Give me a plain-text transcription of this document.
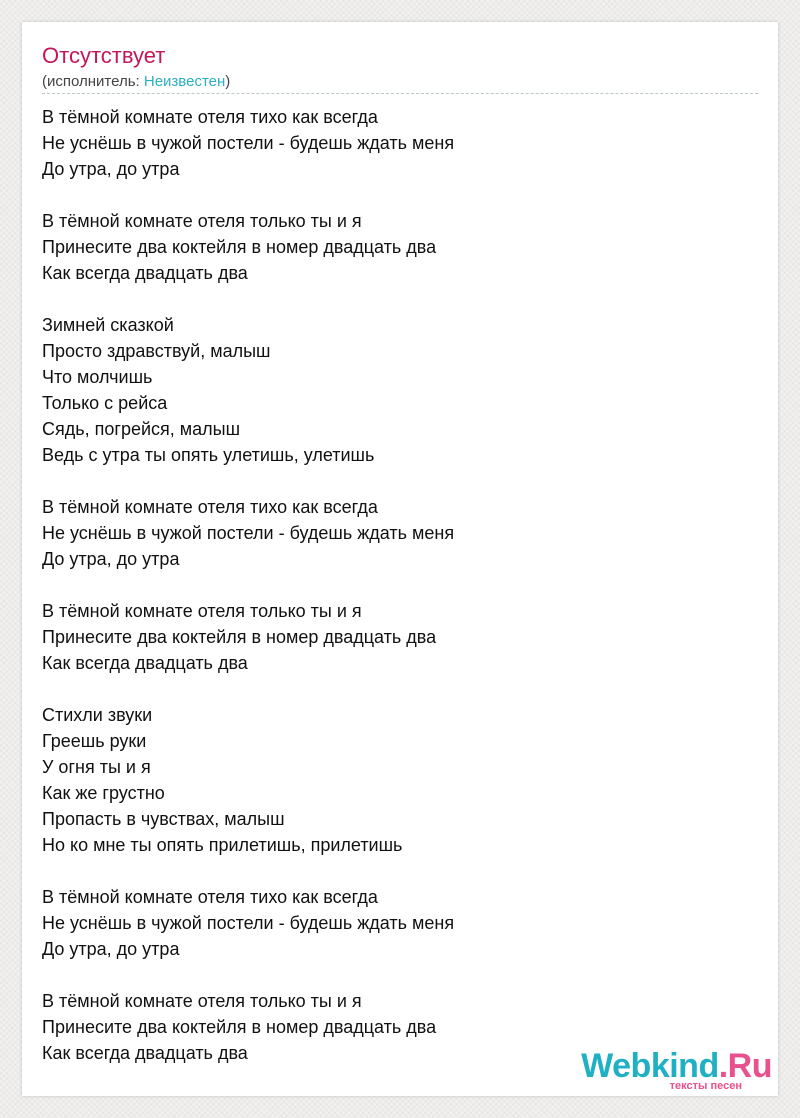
Отсутствует
(исполнитель: Неизвестен)
В тёмной комнате отеля тихо как всегда
Не уснёшь в чужой постели - будешь ждать меня
До утра, до утра
В тёмной комнате отеля только ты и я
Принесите два коктейля в номер двадцать два
Как всегда двадцать два
Зимней сказкой
Просто здравствуй, малыш
Что молчишь
Только с рейса
Сядь, погрейся, малыш
Ведь с утра ты опять улетишь, улетишь
В тёмной комнате отеля тихо как всегда
Не уснёшь в чужой постели - будешь ждать меня
До утра, до утра
В тёмной комнате отеля только ты и я
Принесите два коктейля в номер двадцать два
Как всегда двадцать два
Стихли звуки
Греешь руки
У огня ты и я
Как же грустно
Пропасть в чувствах, малыш
Но ко мне ты опять прилетишь, прилетишь
В тёмной комнате отеля тихо как всегда
Не уснёшь в чужой постели - будешь ждать меня
До утра, до утра
В тёмной комнате отеля только ты и я
Принесите два коктейля в номер двадцать два
Как всегда двадцать два	Webkind.Ru
тексты песен
